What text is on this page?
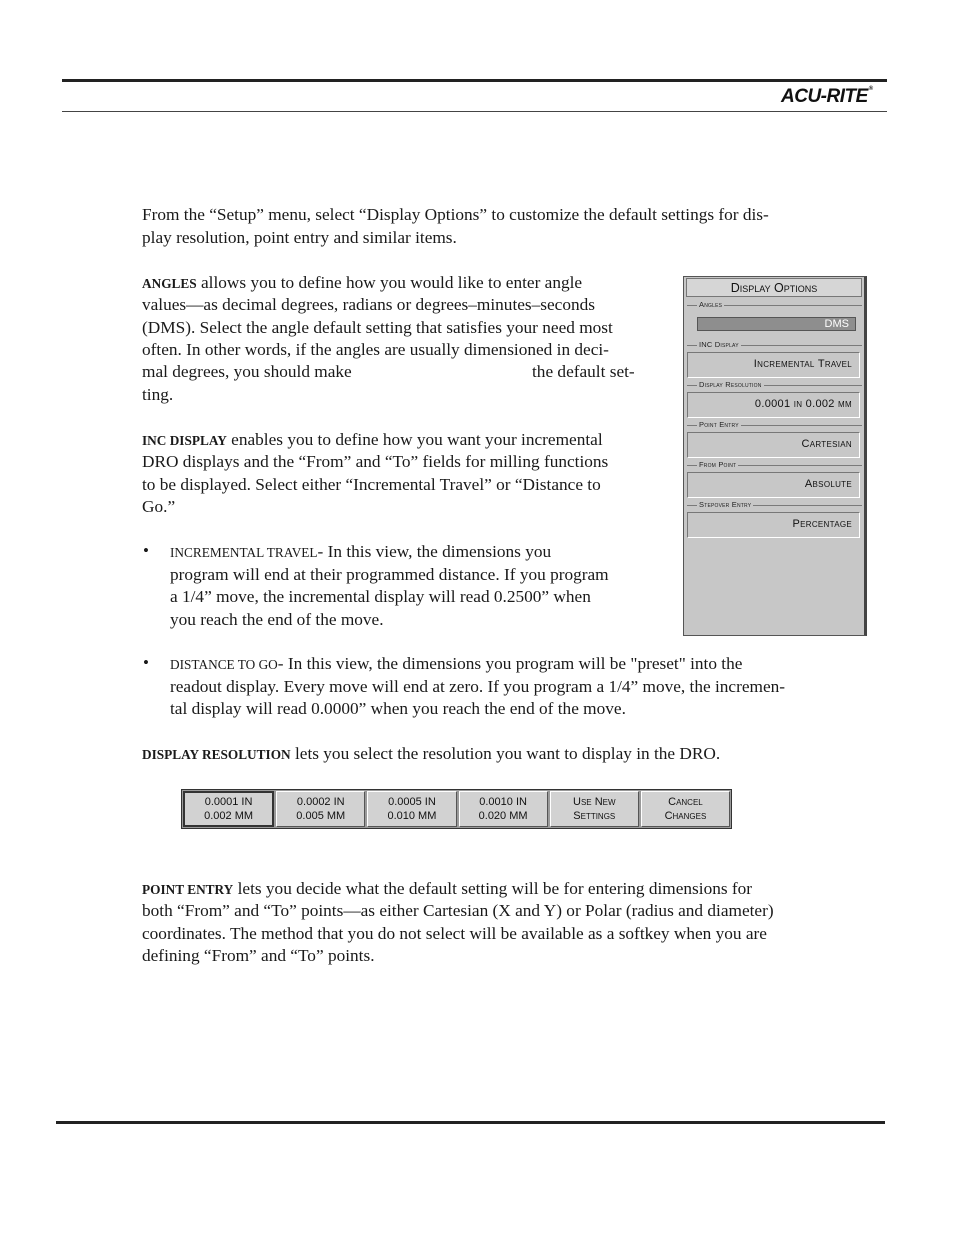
ACU-RITE®
From the “Setup” menu, select “Display Options” to customize the default settings for dis-
play resolution, point entry and similar items.
ANGLES allows you to define how you would like to enter angle
values—as decimal degrees, radians or degrees–minutes–seconds
(DMS). Select the angle default setting that satisfies your need most
often. In other words, if the angles are usually dimensioned in deci-
mal degrees, you should make	the default set-
ting.
INC DISPLAY enables you to define how you want your incremental
DRO displays and the “From” and “To” fields for milling functions
to be displayed. Select either “Incremental Travel” or “Distance to
Go.”
• INCREMENTAL TRAVEL- In this view, the dimensions you
program will end at their programmed distance. If you program
a 1/4” move, the incremental display will read 0.2500” when
you reach the end of the move.
• DISTANCE TO GO- In this view, the dimensions you program will be "preset" into the
readout display. Every move will end at zero. If you program a 1/4” move, the incremen-
tal display will read 0.0000” when you reach the end of the move.
DISPLAY RESOLUTION lets you select the resolution you want to display in the DRO.
0.0001 IN
0.002 MM
0.0002 IN
0.005 MM
0.0005 IN
0.010 MM
0.0010 IN
0.020 MM
Use New
Settings
Cancel
Changes
POINT ENTRY lets you decide what the default setting will be for entering dimensions for
both “From” and “To” points—as either Cartesian (X and Y) or Polar (radius and diameter)
coordinates. The method that you do not select will be available as a softkey when you are
defining “From” and “To” points.
Display Options
Angles
DMS
INC Display
Incremental Travel
Display Resolution
0.0001 in 0.002 mm
Point Entry
Cartesian
From Point
Absolute
Stepover Entry
Percentage
